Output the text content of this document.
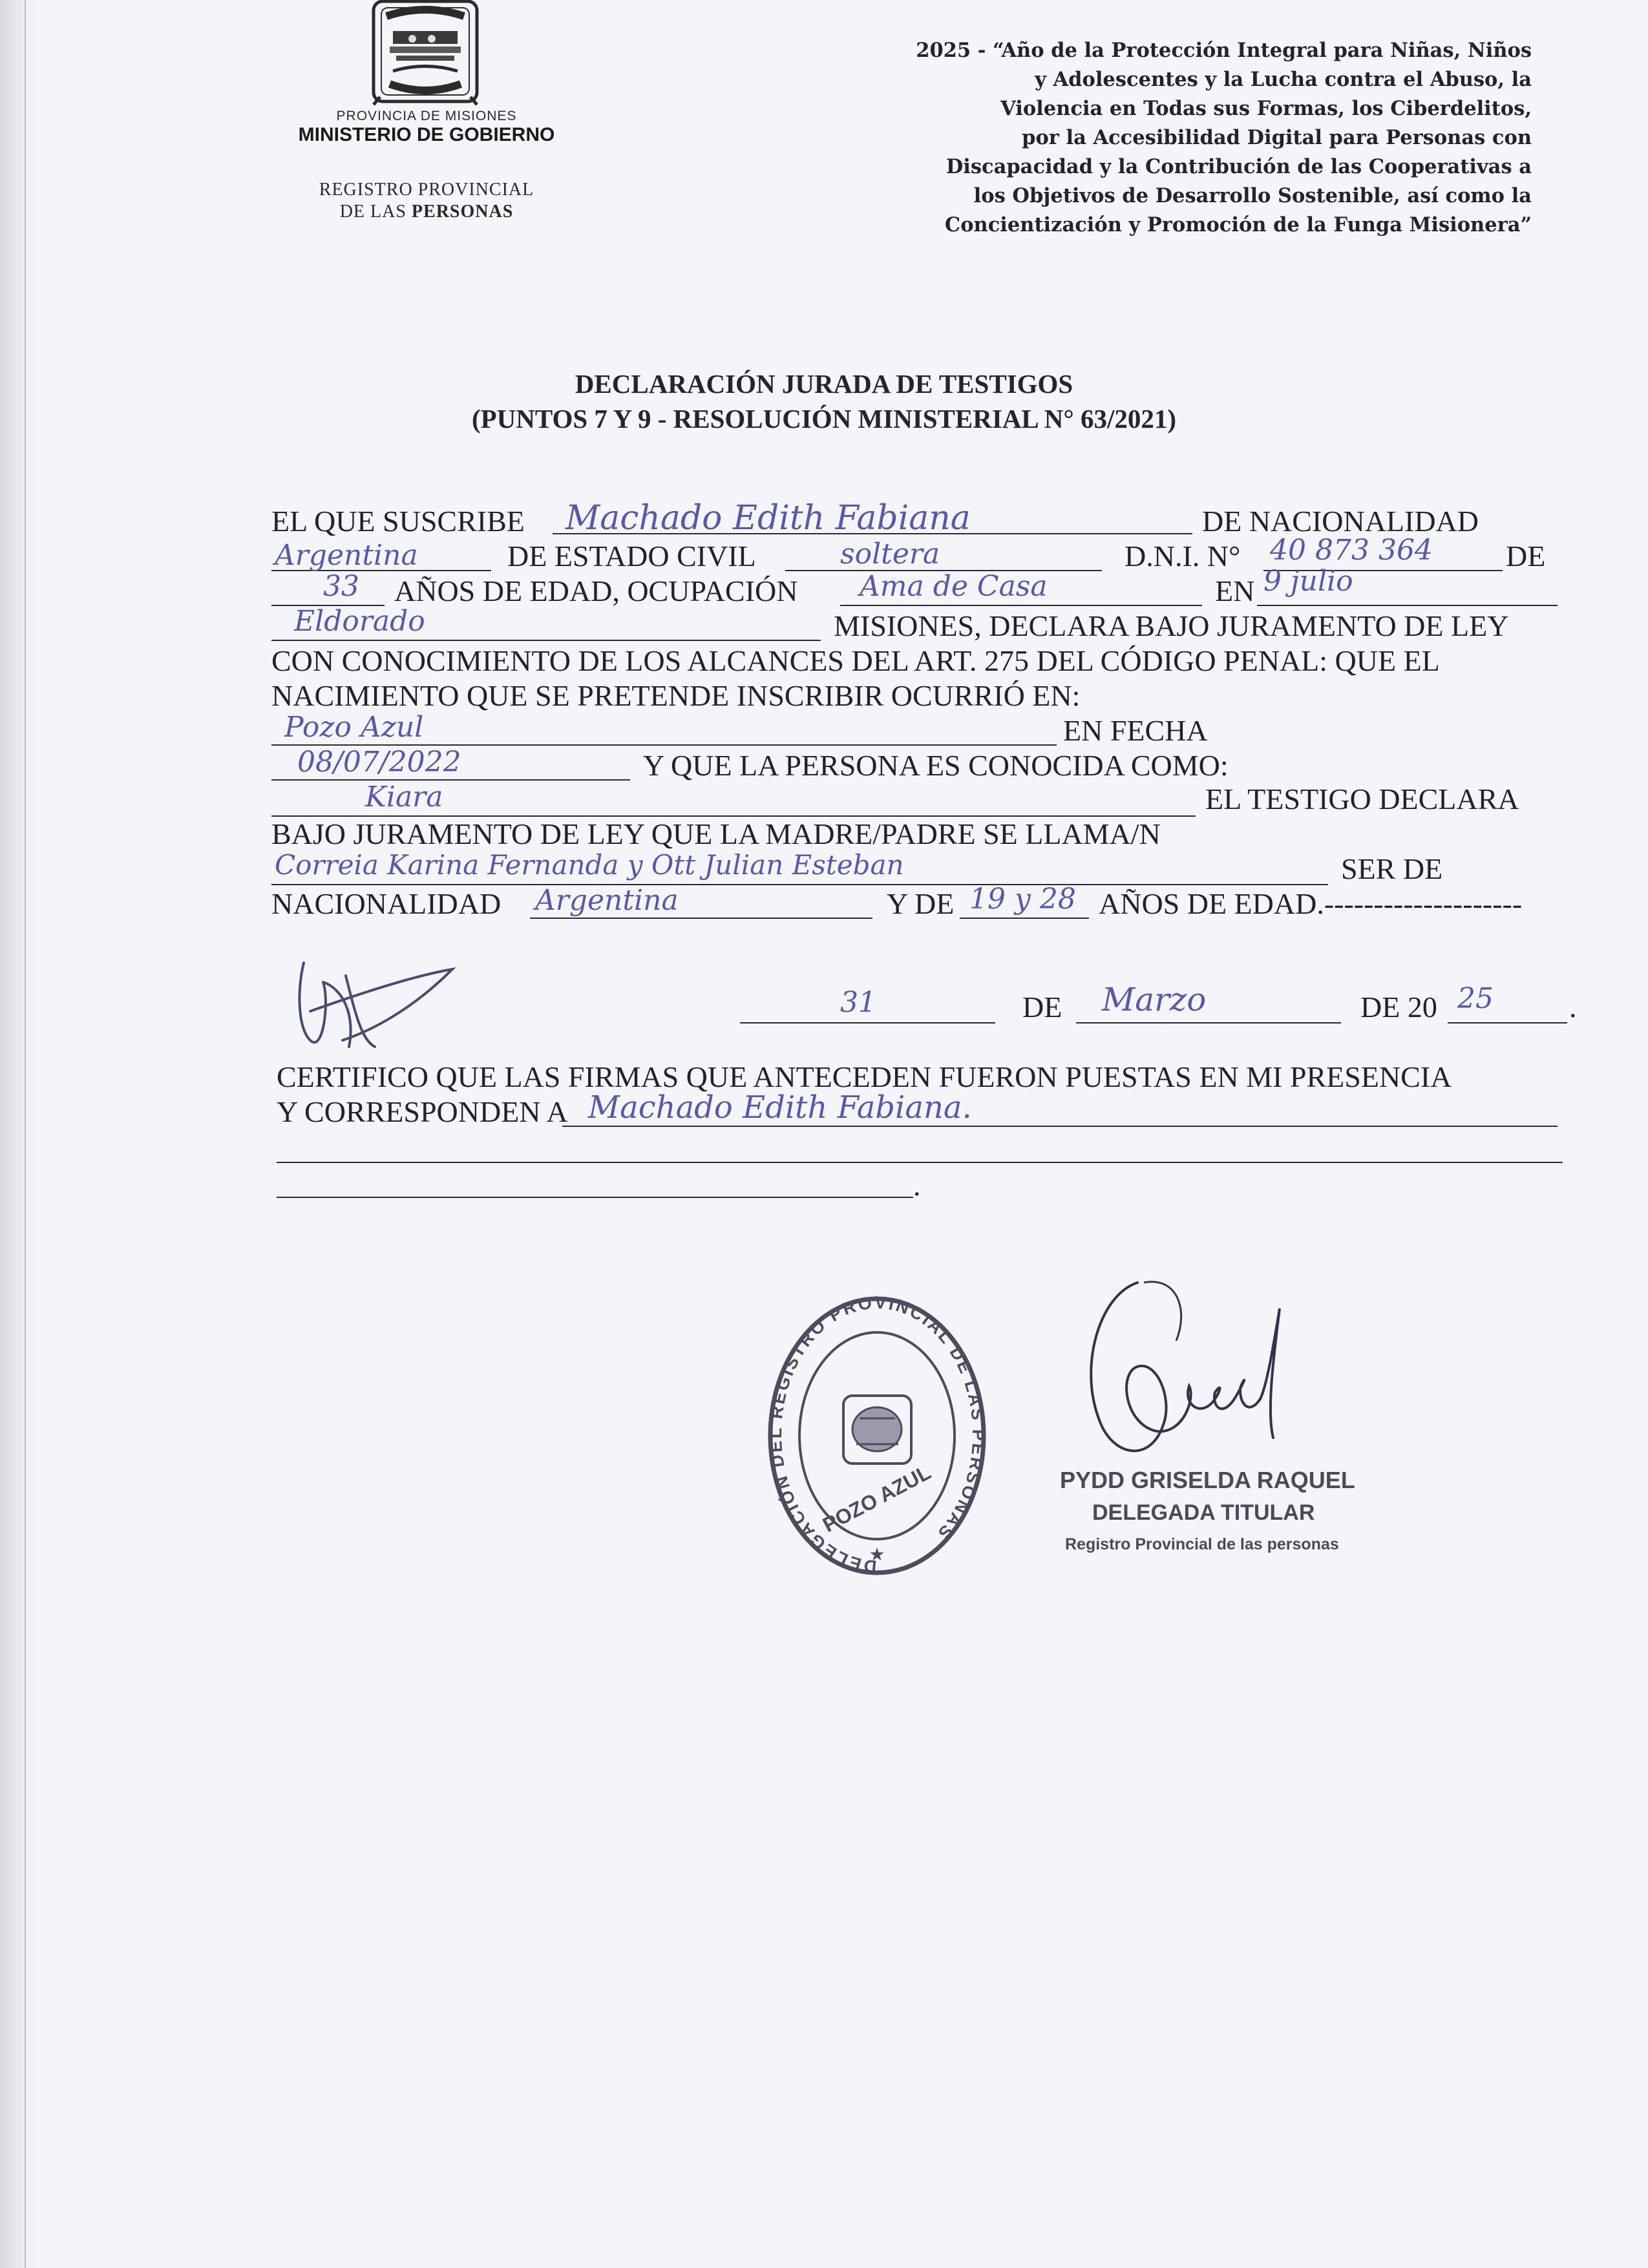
PROVINCIA DE MISIONES
MINISTERIO DE GOBIERNO
REGISTRO PROVINCIAL
DE LAS PERSONAS
2025 - “Año de la Protección Integral para Niñas, Niños
y Adolescentes y la Lucha contra el Abuso, la
Violencia en Todas sus Formas, los Ciberdelitos,
por la Accesibilidad Digital para Personas con
Discapacidad y la Contribución de las Cooperativas a
los Objetivos de Desarrollo Sostenible, así como la
Concientización y Promoción de la Funga Misionera”
DECLARACIÓN JURADA DE TESTIGOS
(PUNTOS 7 Y 9 - RESOLUCIÓN MINISTERIAL N° 63/2021)
EL QUE SUSCRIBE Machado Edith Fabiana	DE NACIONALIDAD
Argentina	DE ESTADO CIVIL	soltera	D.N.I. N° 40 873 364 DE
33 AÑOS DE EDAD, OCUPACIÓN Ama de Casa	EN 9 julio
Eldorado	MISIONES, DECLARA BAJO JURAMENTO DE LEY
CON CONOCIMIENTO DE LOS ALCANCES DEL ART. 275 DEL CÓDIGO PENAL: QUE EL
NACIMIENTO QUE SE PRETENDE INSCRIBIR OCURRIÓ EN:
Pozo Azul	EN FECHA
08/07/2022	Y QUE LA PERSONA ES CONOCIDA COMO:
Kiara	EL TESTIGO DECLARA
BAJO JURAMENTO DE LEY QUE LA MADRE/PADRE SE LLAMA/N
Correia Karina Fernanda y Ott Julian Esteban	SER DE
NACIONALIDAD Argentina	Y DE 19 y 28 AÑOS DE EDAD.--------------------
31	DE Marzo	DE 20 25	.
CERTIFICO QUE LAS FIRMAS QUE ANTECEDEN FUERON PUESTAS EN MI PRESENCIA
Y CORRESPONDEN A Machado Edith Fabiana.
.
DELEGACIÓN DEL REGISTRO PROVINCIAL DE LAS PERSONAS
POZO AZUL
★
PYDD GRISELDA RAQUEL
DELEGADA TITULAR
Registro Provincial de las personas
